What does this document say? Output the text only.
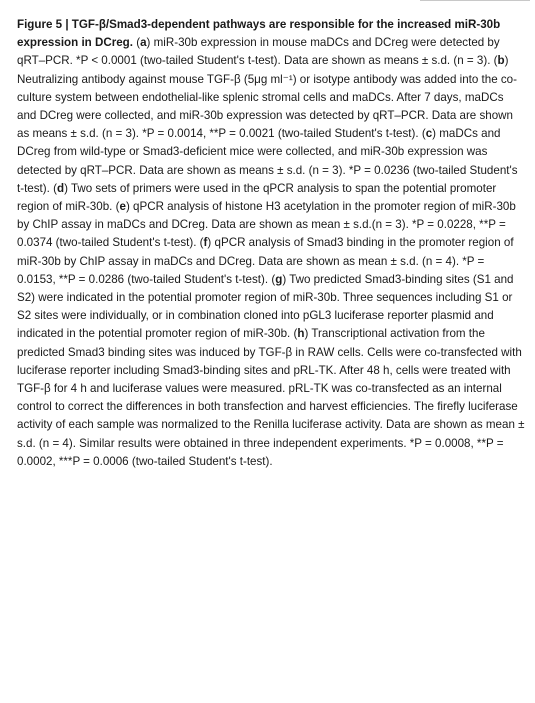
Figure 5 | TGF-β/Smad3-dependent pathways are responsible for the increased miR-30b expression in DCreg. (a) miR-30b expression in mouse maDCs and DCreg were detected by qRT–PCR. *P < 0.0001 (two-tailed Student's t-test). Data are shown as means ± s.d. (n = 3). (b) Neutralizing antibody against mouse TGF-β (5μg ml⁻¹) or isotype antibody was added into the co-culture system between endothelial-like splenic stromal cells and maDCs. After 7 days, maDCs and DCreg were collected, and miR-30b expression was detected by qRT–PCR. Data are shown as means ± s.d. (n = 3). *P = 0.0014, **P = 0.0021 (two-tailed Student's t-test). (c) maDCs and DCreg from wild-type or Smad3-deficient mice were collected, and miR-30b expression was detected by qRT–PCR. Data are shown as means ± s.d. (n = 3). *P = 0.0236 (two-tailed Student's t-test). (d) Two sets of primers were used in the qPCR analysis to span the potential promoter region of miR-30b. (e) qPCR analysis of histone H3 acetylation in the promoter region of miR-30b by ChIP assay in maDCs and DCreg. Data are shown as mean ± s.d.(n = 3). *P = 0.0228, **P = 0.0374 (two-tailed Student's t-test). (f) qPCR analysis of Smad3 binding in the promoter region of miR-30b by ChIP assay in maDCs and DCreg. Data are shown as mean ± s.d. (n = 4). *P = 0.0153, **P = 0.0286 (two-tailed Student's t-test). (g) Two predicted Smad3-binding sites (S1 and S2) were indicated in the potential promoter region of miR-30b. Three sequences including S1 or S2 sites were individually, or in combination cloned into pGL3 luciferase reporter plasmid and indicated in the potential promoter region of miR-30b. (h) Transcriptional activation from the predicted Smad3 binding sites was induced by TGF-β in RAW cells. Cells were co-transfected with luciferase reporter including Smad3-binding sites and pRL-TK. After 48 h, cells were treated with TGF-β for 4 h and luciferase values were measured. pRL-TK was co-transfected as an internal control to correct the differences in both transfection and harvest efficiencies. The firefly luciferase activity of each sample was normalized to the Renilla luciferase activity. Data are shown as mean ± s.d. (n = 4). Similar results were obtained in three independent experiments. *P = 0.0008, **P = 0.0002, ***P = 0.0006 (two-tailed Student's t-test).
